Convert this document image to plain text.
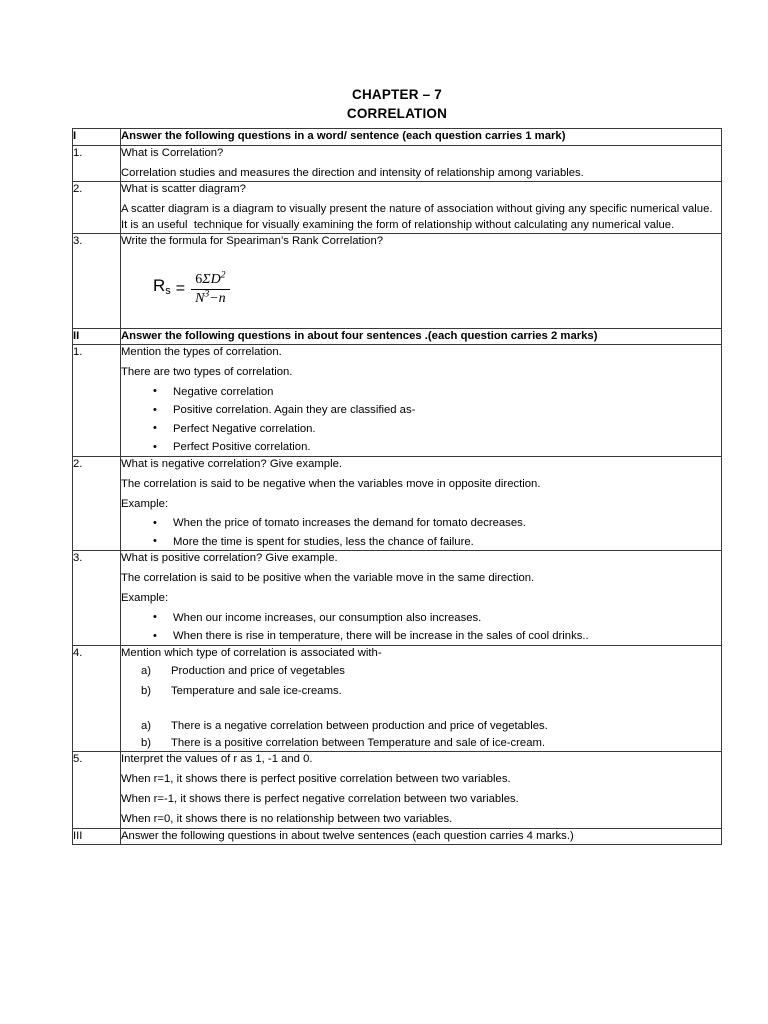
CHAPTER – 7
CORRELATION
I	Answer the following questions in a word/ sentence (each question carries 1 mark)
1.	What is Correlation?

Correlation studies and measures the direction and intensity of relationship among variables.

2.	What is scatter diagram?

A scatter diagram is a diagram to visually present the nature of association without giving any specific numerical value. It is an useful  technique for visually examining the form of relationship without calculating any numerical value.

3.	Write the formula for Speariman’s Rank Correlation?

$R_s = \frac{6\Sigma D^2}{N^3-n}$

II	Answer the following questions in about four sentences .(each question carries 2 marks)
1.	Mention the types of correlation.

There are two types of correlation.

• Negative correlation
• Positive correlation. Again they are classified as-
• Perfect Negative correlation.
• Perfect Positive correlation.

2.	What is negative correlation? Give example.

The correlation is said to be negative when the variables move in opposite direction.

Example:

• When the price of tomato increases the demand for tomato decreases.
• More the time is spent for studies, less the chance of failure.

3.	What is positive correlation? Give example.

The correlation is said to be positive when the variable move in the same direction.

Example:

• When our income increases, our consumption also increases.
• When there is rise in temperature, there will be increase in the sales of cool drinks..

4.	Mention which type of correlation is associated with-

Production and price of vegetables
Temperature and sale ice-creams.
There is a negative correlation between production and price of vegetables.
There is a positive correlation between Temperature and sale of ice-cream.

5.	Interpret the values of r as 1, -1 and 0.

When r=1, it shows there is perfect positive correlation between two variables.

When r=-1, it shows there is perfect negative correlation between two variables.

When r=0, it shows there is no relationship between two variables.

III	Answer the following questions in about twelve sentences (each question carries 4 marks.)
